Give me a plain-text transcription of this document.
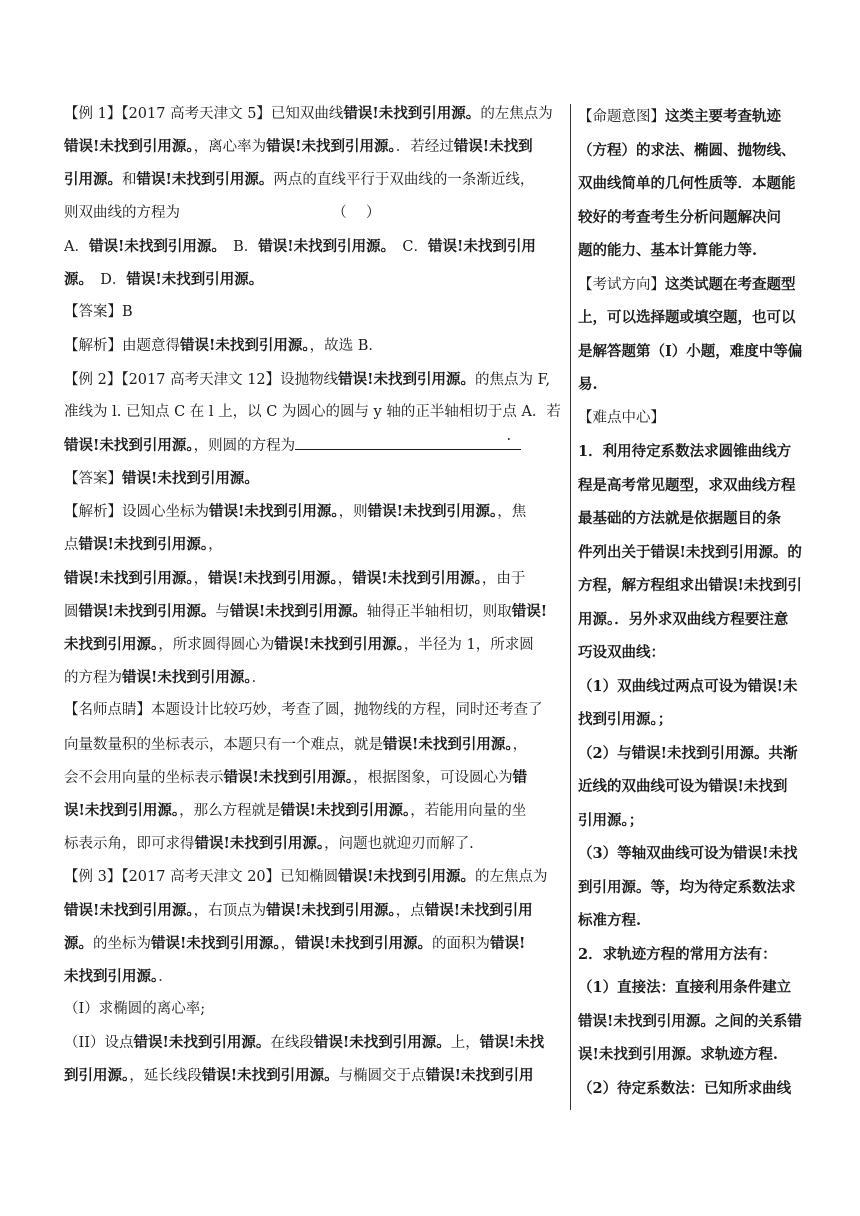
【例 1】【2017 高考天津文 5】已知双曲线错误!未找到引用源。的左焦点为
错误!未找到引用源。，离心率为错误!未找到引用源。．若经过错误!未找到
引用源。和错误!未找到引用源。两点的直线平行于双曲线的一条渐近线，
则双曲线的方程为　　　　　　　　　　　（　 ）
A．错误!未找到引用源。　B．错误!未找到引用源。　C．错误!未找到引用
源。　D．错误!未找到引用源。
【答案】B
【解析】由题意得错误!未找到引用源。，故选 B．
【例 2】【2017 高考天津文 12】设抛物线错误!未找到引用源。的焦点为 F,
准线为 l. 已知点 C 在 l 上，以 C 为圆心的圆与 y 轴的正半轴相切于点 A．若
错误!未找到引用源。，则圆的方程为
.
【答案】错误!未找到引用源。
【解析】设圆心坐标为错误!未找到引用源。，则错误!未找到引用源。，焦
点错误!未找到引用源。，
错误!未找到引用源。，错误!未找到引用源。，错误!未找到引用源。，由于
圆错误!未找到引用源。与错误!未找到引用源。轴得正半轴相切，则取错误!
未找到引用源。，所求圆得圆心为错误!未找到引用源。，半径为 1，所求圆
的方程为错误!未找到引用源。．
【名师点睛】本题设计比较巧妙，考查了圆，抛物线的方程，同时还考查了
向量数量积的坐标表示，本题只有一个难点，就是错误!未找到引用源。，
会不会用向量的坐标表示错误!未找到引用源。，根据图象，可设圆心为错
误!未找到引用源。，那么方程就是错误!未找到引用源。，若能用向量的坐
标表示角，即可求得错误!未找到引用源。，问题也就迎刃而解了.
【例 3】【2017 高考天津文 20】已知椭圆错误!未找到引用源。的左焦点为
错误!未找到引用源。，右顶点为错误!未找到引用源。，点错误!未找到引用
源。的坐标为错误!未找到引用源。，错误!未找到引用源。的面积为错误!
未找到引用源。．
（I）求椭圆的离心率;
（II）设点错误!未找到引用源。在线段错误!未找到引用源。上，错误!未找
到引用源。，延长线段错误!未找到引用源。与椭圆交于点错误!未找到引用
【命题意图】这类主要考查轨迹
（方程）的求法、椭圆、抛物线、
双曲线简单的几何性质等．本题能
较好的考查考生分析问题解决问
题的能力、基本计算能力等.
【考试方向】这类试题在考查题型
上，可以选择题或填空题，也可以
是解答题第（I）小题，难度中等偏
易.
【难点中心】
1．利用待定系数法求圆锥曲线方
程是高考常见题型，求双曲线方程
最基础的方法就是依据题目的条
件列出关于错误!未找到引用源。的
方程，解方程组求出错误!未找到引
用源。．另外求双曲线方程要注意
巧设双曲线：
（1）双曲线过两点可设为错误!未
找到引用源。；
（2）与错误!未找到引用源。共渐
近线的双曲线可设为错误!未找到
引用源。；
（3）等轴双曲线可设为错误!未找
到引用源。等，均为待定系数法求
标准方程.
2．求轨迹方程的常用方法有：
（1）直接法：直接利用条件建立
错误!未找到引用源。之间的关系错
误!未找到引用源。求轨迹方程.
（2）待定系数法：已知所求曲线
